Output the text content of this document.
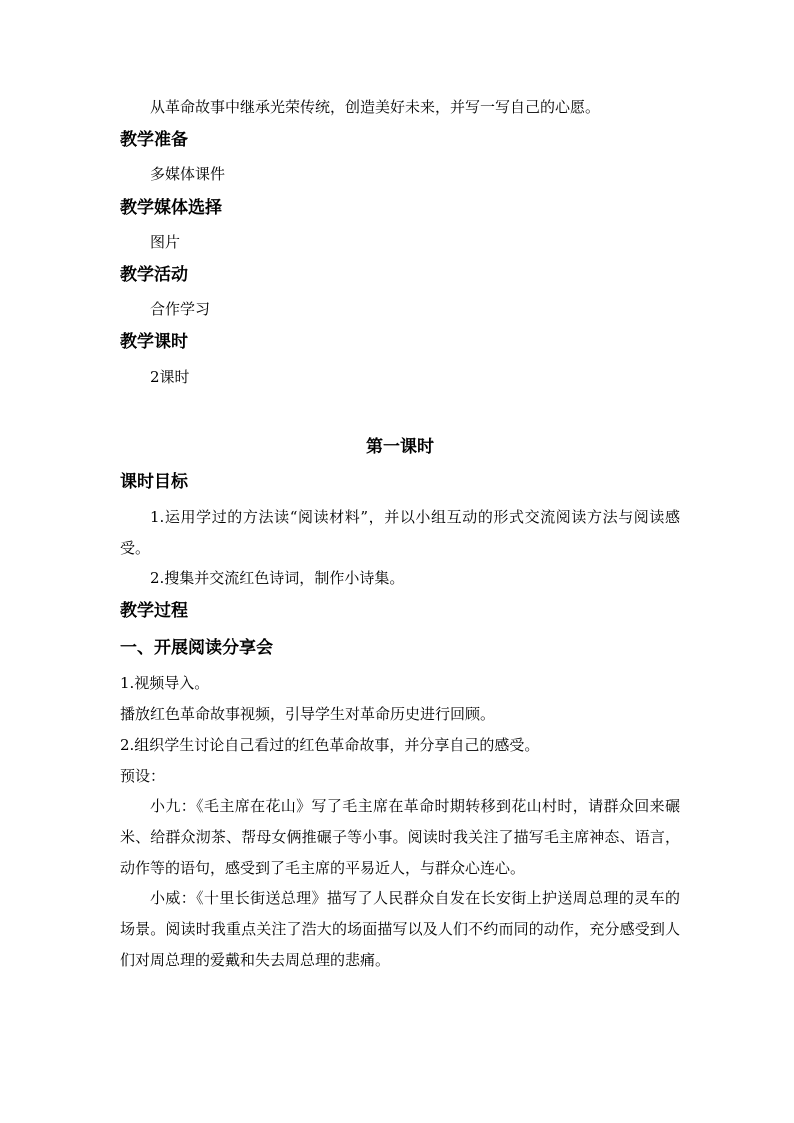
从革命故事中继承光荣传统，创造美好未来，并写一写自己的心愿。
教学准备
多媒体课件
教学媒体选择
图片
教学活动
合作学习
教学课时
2课时
第一课时
课时目标
1.运用学过的方法读“阅读材料”，并以小组互动的形式交流阅读方法与阅读感受。
2.搜集并交流红色诗词，制作小诗集。
教学过程
一、开展阅读分享会
1.视频导入。
播放红色革命故事视频，引导学生对革命历史进行回顾。
2.组织学生讨论自己看过的红色革命故事，并分享自己的感受。
预设：
小九：《毛主席在花山》写了毛主席在革命时期转移到花山村时，请群众回来碾米、给群众沏茶、帮母女俩推碾子等小事。阅读时我关注了描写毛主席神态、语言，动作等的语句，感受到了毛主席的平易近人，与群众心连心。
小威：《十里长街送总理》描写了人民群众自发在长安街上护送周总理的灵车的场景。阅读时我重点关注了浩大的场面描写以及人们不约而同的动作，充分感受到人们对周总理的爱戴和失去周总理的悲痛。
